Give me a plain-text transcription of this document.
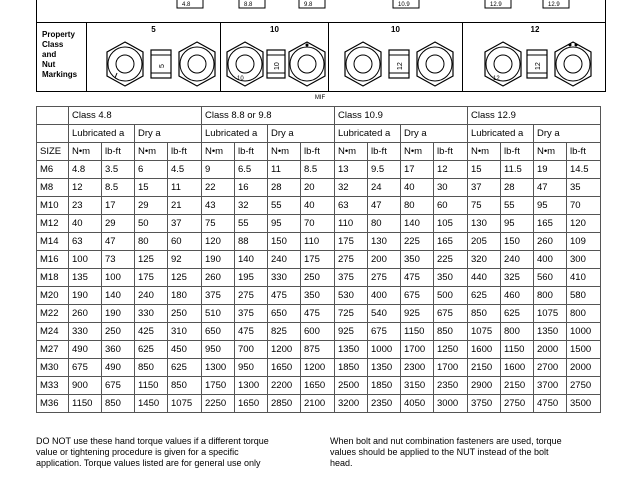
4.8	8.8	9.8	10.9	12.9	12.9
Property
Class
and
Nut
Markings
5
5
10
10
10
10
12
12
12
12
MIF
	Class 4.8				Class 8.8 or 9.8				Class 10.9				Class 12.9			
	Lubricated a		Dry a		Lubricated a		Dry a		Lubricated a		Dry a		Lubricated a		Dry a	
SIZE	N•m	lb-ft	N•m	lb-ft	N•m	lb-ft	N•m	lb-ft	N•m	lb-ft	N•m	lb-ft	N•m	lb-ft	N•m	lb-ft
M6	4.8	3.5	6	4.5	9	6.5	11	8.5	13	9.5	17	12	15	11.5	19	14.5
M8	12	8.5	15	11	22	16	28	20	32	24	40	30	37	28	47	35
M10	23	17	29	21	43	32	55	40	63	47	80	60	75	55	95	70
M12	40	29	50	37	75	55	95	70	110	80	140	105	130	95	165	120
M14	63	47	80	60	120	88	150	110	175	130	225	165	205	150	260	109
M16	100	73	125	92	190	140	240	175	275	200	350	225	320	240	400	300
M18	135	100	175	125	260	195	330	250	375	275	475	350	440	325	560	410
M20	190	140	240	180	375	275	475	350	530	400	675	500	625	460	800	580
M22	260	190	330	250	510	375	650	475	725	540	925	675	850	625	1075	800
M24	330	250	425	310	650	475	825	600	925	675	1150	850	1075	800	1350	1000
M27	490	360	625	450	950	700	1200	875	1350	1000	1700	1250	1600	1150	2000	1500
M30	675	490	850	625	1300	950	1650	1200	1850	1350	2300	1700	2150	1600	2700	2000
M33	900	675	1150	850	1750	1300	2200	1650	2500	1850	3150	2350	2900	2150	3700	2750
M36	1150	850	1450	1075	2250	1650	2850	2100	3200	2350	4050	3000	3750	2750	4750	3500
DO NOT use these hand torque values if a different torque
value or tightening procedure is given for a specific
application. Torque values listed are for general use only
When bolt and nut combination fasteners are used, torque
values should be applied to the NUT instead of the bolt
head.
